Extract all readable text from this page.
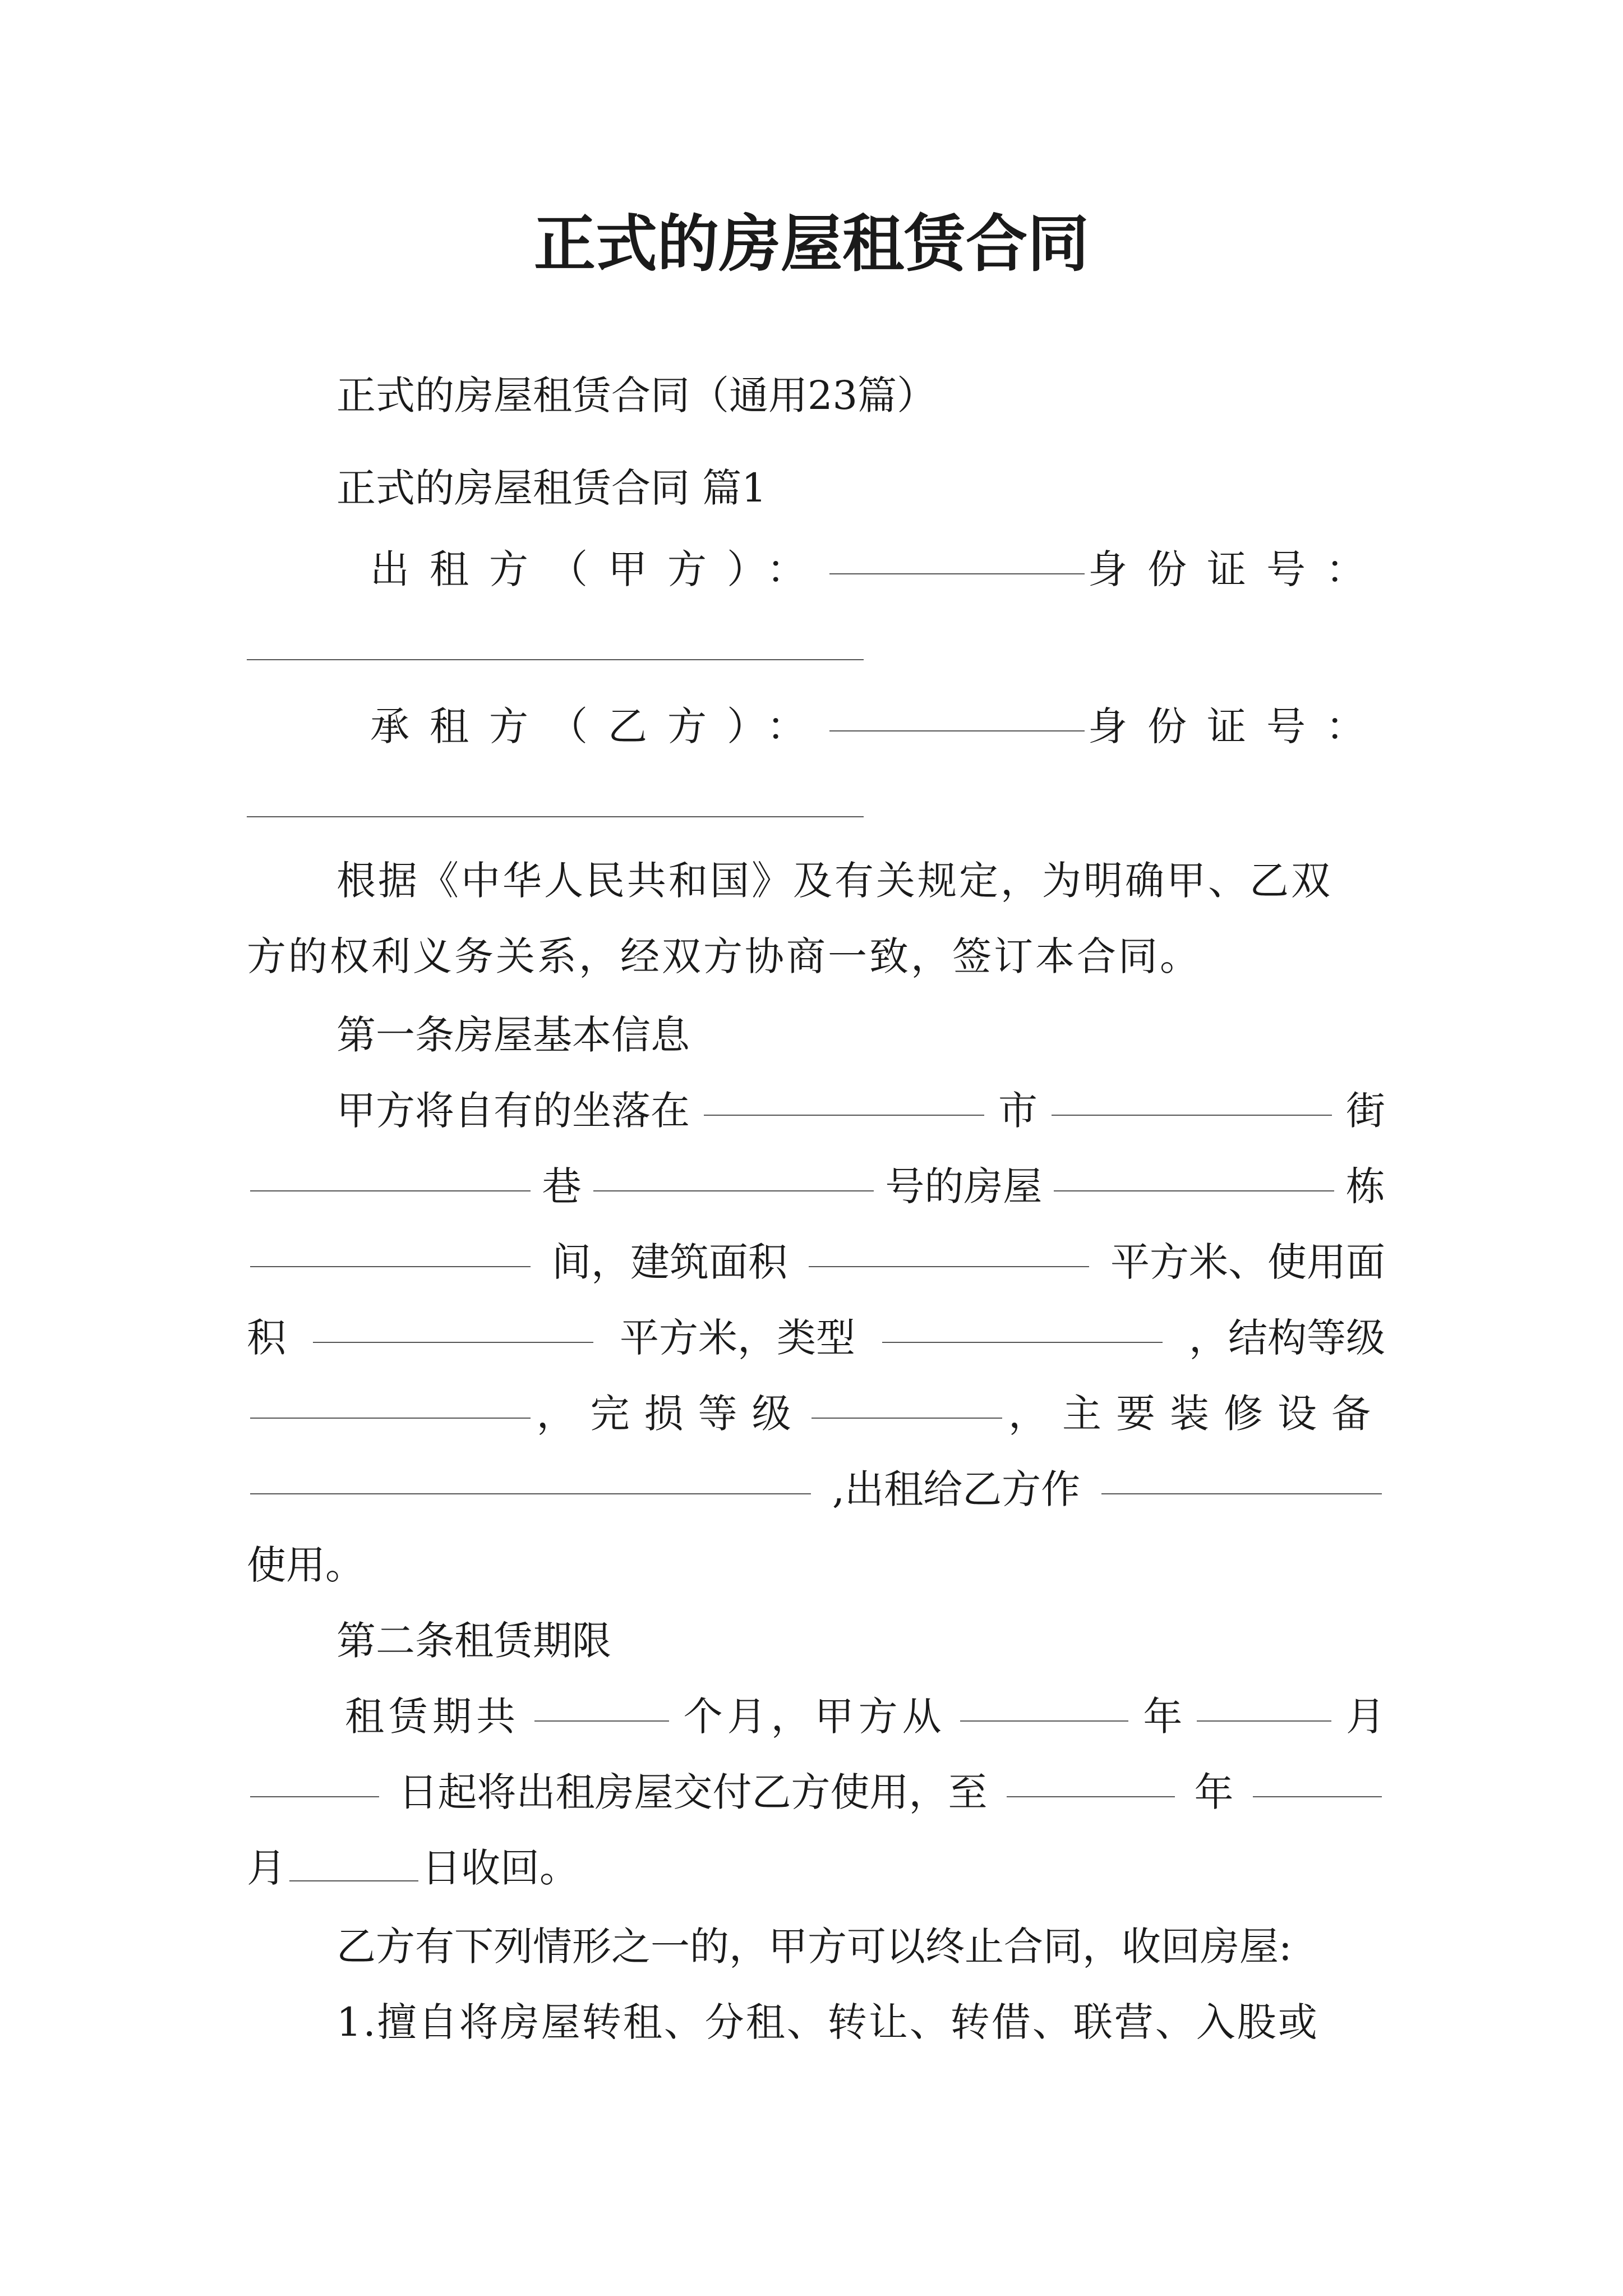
正式的房屋租赁合同
正式的房屋租赁合同（通用23篇）
正式的房屋租赁合同 篇1
出租方（甲方）：	身份证号：
承租方（乙方）：	身份证号：
根据《中华人民共和国》及有关规定，为明确甲、乙双
方的权利义务关系，经双方协商一致，签订本合同。
第一条房屋基本信息
甲方将自有的坐落在	市	街
巷	号的房屋	栋
间，建筑面积	平方米、使用面
积	平方米，类型	，结构等级
，完损等级	，主要装修设备
,出租给乙方作
使用。
第二条租赁期限
租赁期共	个月，甲方从	年	月
日起将出租房屋交付乙方使用，至	年
月	日收回。
乙方有下列情形之一的，甲方可以终止合同，收回房屋:
1.擅自将房屋转租、分租、转让、转借、联营、入股或
